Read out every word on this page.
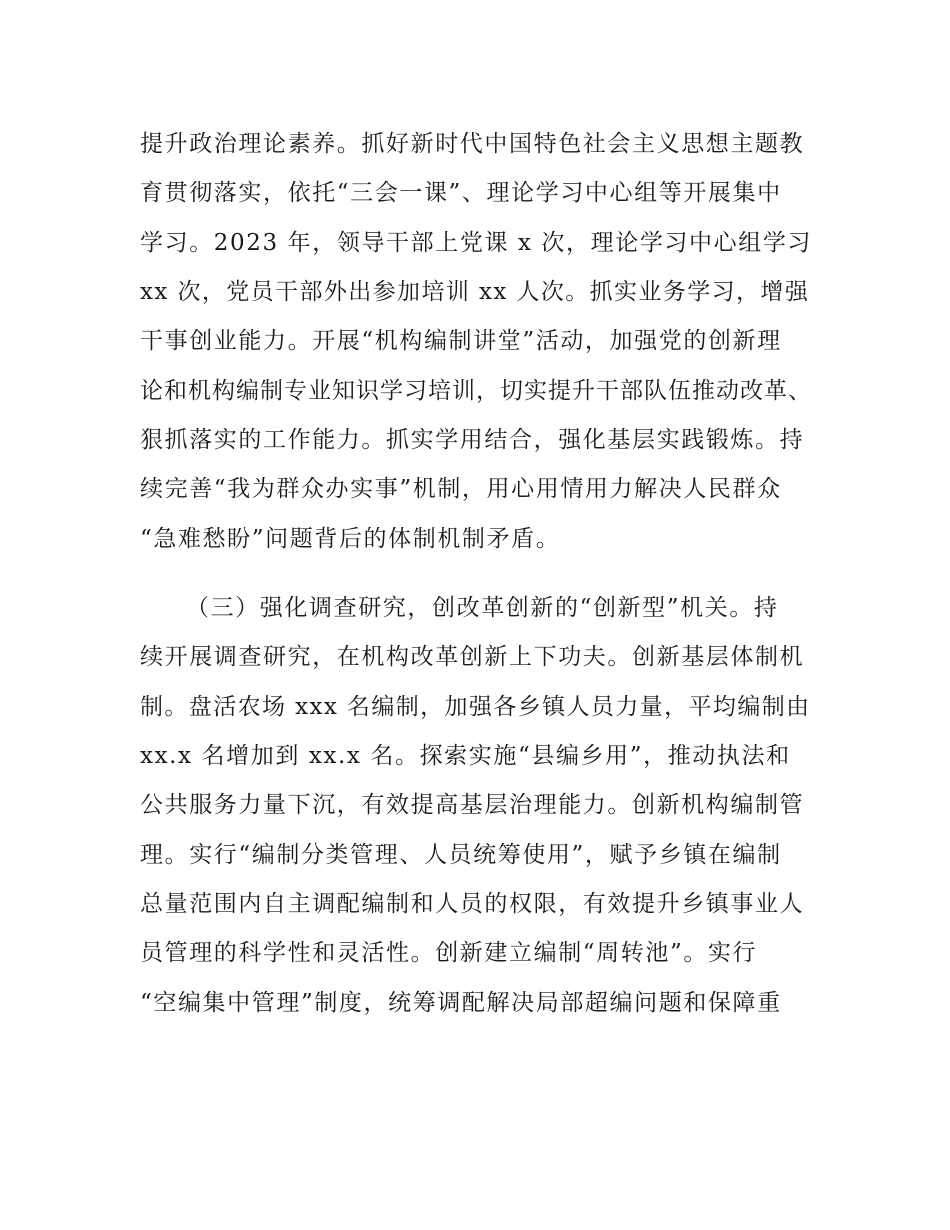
提升政治理论素养。抓好新时代中国特色社会主义思想主题教
育贯彻落实，依托“三会一课”、理论学习中心组等开展集中
学习。2023 年，领导干部上党课 x 次，理论学习中心组学习
xx 次，党员干部外出参加培训 xx 人次。抓实业务学习，增强
干事创业能力。开展“机构编制讲堂”活动，加强党的创新理
论和机构编制专业知识学习培训，切实提升干部队伍推动改革、
狠抓落实的工作能力。抓实学用结合，强化基层实践锻炼。持
续完善“我为群众办实事”机制，用心用情用力解决人民群众
“急难愁盼”问题背后的体制机制矛盾。
（三）强化调查研究，创改革创新的“创新型”机关。持
续开展调查研究，在机构改革创新上下功夫。创新基层体制机
制。盘活农场 xxx 名编制，加强各乡镇人员力量，平均编制由
xx.x 名增加到 xx.x 名。探索实施“县编乡用”，推动执法和
公共服务力量下沉，有效提高基层治理能力。创新机构编制管
理。实行“编制分类管理、人员统筹使用”，赋予乡镇在编制
总量范围内自主调配编制和人员的权限，有效提升乡镇事业人
员管理的科学性和灵活性。创新建立编制“周转池”。实行
“空编集中管理”制度，统筹调配解决局部超编问题和保障重
